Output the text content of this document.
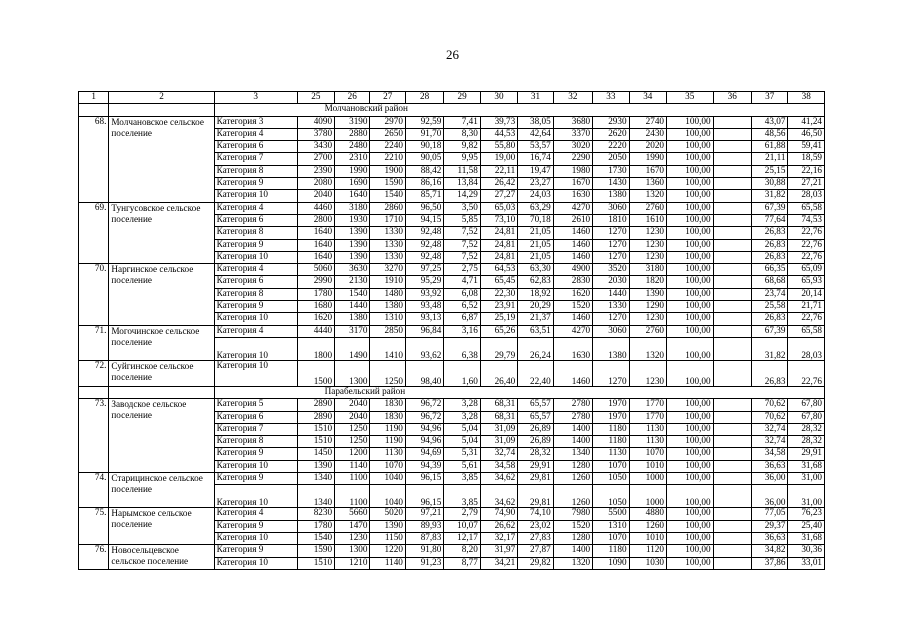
26
1	2	3	25	26	27	28	29	30	31	32	33	34	35	36	37	38
		Молчановский район														
68.	Молчановское сельское поселение	Категория 3	4090	3190	2970	92,59	7,41	39,73	38,05	3680	2930	2740	100,00		43,07	41,24
		Категория 4	3780	2880	2650	91,70	8,30	44,53	42,64	3370	2620	2430	100,00		48,56	46,50
		Категория 6	3430	2480	2240	90,18	9,82	55,80	53,57	3020	2220	2020	100,00		61,88	59,41
		Категория 7	2700	2310	2210	90,05	9,95	19,00	16,74	2290	2050	1990	100,00		21,11	18,59
		Категория 8	2390	1990	1900	88,42	11,58	22,11	19,47	1980	1730	1670	100,00		25,15	22,16
		Категория 9	2080	1690	1590	86,16	13,84	26,42	23,27	1670	1430	1360	100,00		30,88	27,21
		Категория 10	2040	1640	1540	85,71	14,29	27,27	24,03	1630	1380	1320	100,00		31,82	28,03
69.	Тунгусовское сельское поселение	Категория 4	4460	3180	2860	96,50	3,50	65,03	63,29	4270	3060	2760	100,00		67,39	65,58
		Категория 6	2800	1930	1710	94,15	5,85	73,10	70,18	2610	1810	1610	100,00		77,64	74,53
		Категория 8	1640	1390	1330	92,48	7,52	24,81	21,05	1460	1270	1230	100,00		26,83	22,76
		Категория 9	1640	1390	1330	92,48	7,52	24,81	21,05	1460	1270	1230	100,00		26,83	22,76
		Категория 10	1640	1390	1330	92,48	7,52	24,81	21,05	1460	1270	1230	100,00		26,83	22,76
70.	Наргинское сельское поселение	Категория 4	5060	3630	3270	97,25	2,75	64,53	63,30	4900	3520	3180	100,00		66,35	65,09
		Категория 6	2990	2130	1910	95,29	4,71	65,45	62,83	2830	2030	1820	100,00		68,68	65,93
		Категория 8	1780	1540	1480	93,92	6,08	22,30	18,92	1620	1440	1390	100,00		23,74	20,14
		Категория 9	1680	1440	1380	93,48	6,52	23,91	20,29	1520	1330	1290	100,00		25,58	21,71
		Категория 10	1620	1380	1310	93,13	6,87	25,19	21,37	1460	1270	1230	100,00		26,83	22,76
71.	Могочинское сельское поселение	Категория 4	4440	3170	2850	96,84	3,16	65,26	63,51	4270	3060	2760	100,00		67,39	65,58
		Категория 10	1800	1490	1410	93,62	6,38	29,79	26,24	1630	1380	1320	100,00		31,82	28,03
72.	Суйгинское сельское поселение	Категория 10	1500	1300	1250	98,40	1,60	26,40	22,40	1460	1270	1230	100,00		26,83	22,76
		Парабельский район														
73.	Заводское сельское поселение	Категория 5	2890	2040	1830	96,72	3,28	68,31	65,57	2780	1970	1770	100,00		70,62	67,80
		Категория 6	2890	2040	1830	96,72	3,28	68,31	65,57	2780	1970	1770	100,00		70,62	67,80
		Категория 7	1510	1250	1190	94,96	5,04	31,09	26,89	1400	1180	1130	100,00		32,74	28,32
		Категория 8	1510	1250	1190	94,96	5,04	31,09	26,89	1400	1180	1130	100,00		32,74	28,32
		Категория 9	1450	1200	1130	94,69	5,31	32,74	28,32	1340	1130	1070	100,00		34,58	29,91
		Категория 10	1390	1140	1070	94,39	5,61	34,58	29,91	1280	1070	1010	100,00		36,63	31,68
74.	Старицинское сельское поселение	Категория 9	1340	1100	1040	96,15	3,85	34,62	29,81	1260	1050	1000	100,00		36,00	31,00
		Категория 10	1340	1100	1040	96,15	3,85	34,62	29,81	1260	1050	1000	100,00		36,00	31,00
75.	Нарымское сельское поселение	Категория 4	8230	5660	5020	97,21	2,79	74,90	74,10	7980	5500	4880	100,00		77,05	76,23
		Категория 9	1780	1470	1390	89,93	10,07	26,62	23,02	1520	1310	1260	100,00		29,37	25,40
		Категория 10	1540	1230	1150	87,83	12,17	32,17	27,83	1280	1070	1010	100,00		36,63	31,68
76.	Новосельцевское сельское поселение	Категория 9	1590	1300	1220	91,80	8,20	31,97	27,87	1400	1180	1120	100,00		34,82	30,36
		Категория 10	1510	1210	1140	91,23	8,77	34,21	29,82	1320	1090	1030	100,00		37,86	33,01
